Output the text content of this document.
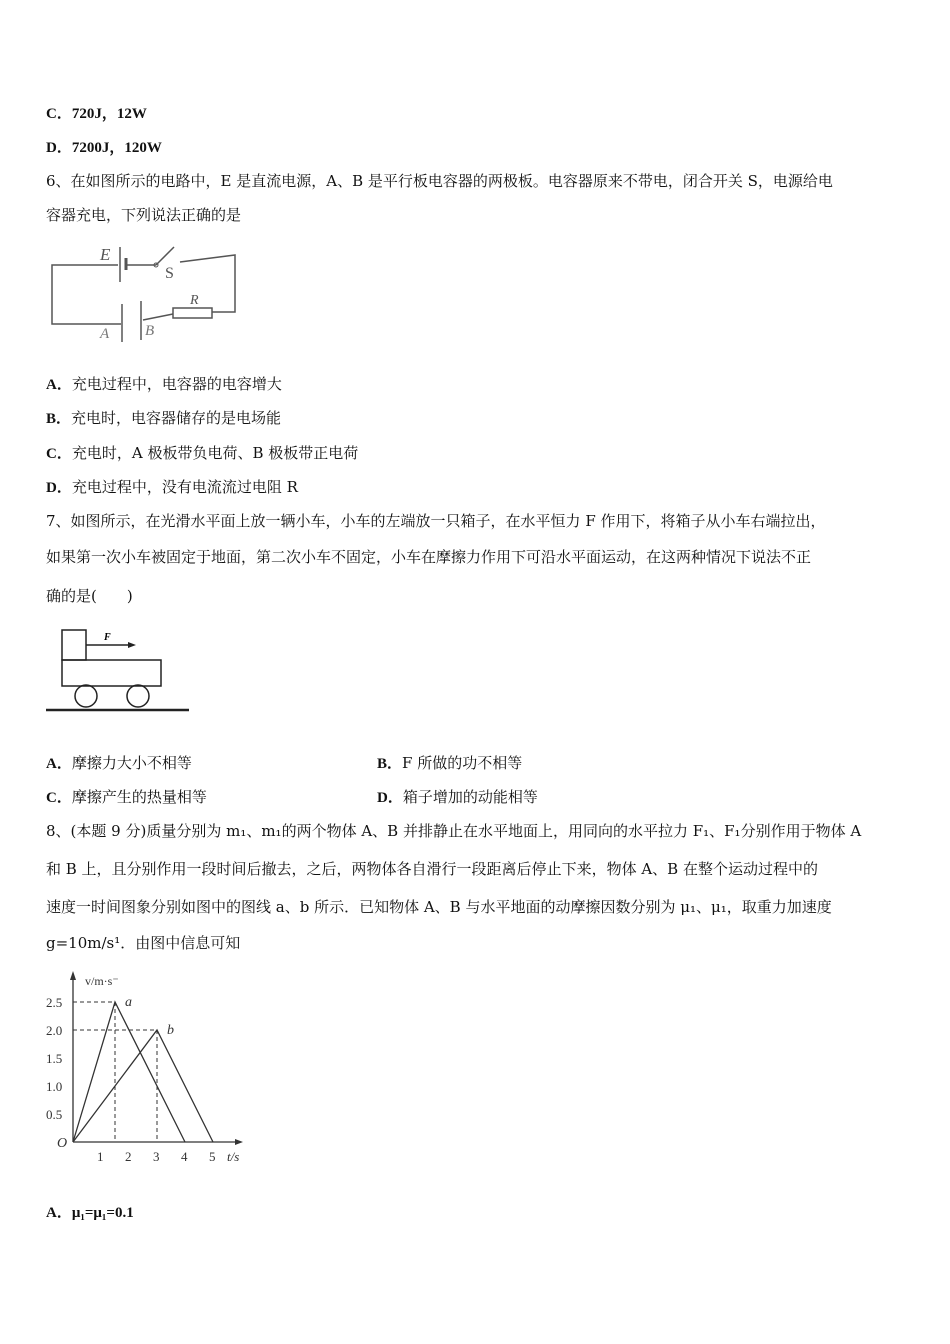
C．720J，12W
D．7200J，120W
6、在如图所示的电路中，E 是直流电源，A、B 是平行板电容器的两极板。电容器原来不带电，闭合开关 S，电源给电
容器充电，下列说法正确的是
E
S
R
A B
A．充电过程中，电容器的电容增大
B．充电时，电容器储存的是电场能
C．充电时，A 极板带负电荷、B 极板带正电荷
D．充电过程中，没有电流流过电阻 R
7、如图所示，在光滑水平面上放一辆小车，小车的左端放一只箱子，在水平恒力 F 作用下，将箱子从小车右端拉出，
如果第一次小车被固定于地面，第二次小车不固定，小车在摩擦力作用下可沿水平面运动，在这两种情况下说法不正
确的是(　　)
F
A．摩擦力大小不相等	B．F 所做的功不相等
C．摩擦产生的热量相等	D．箱子增加的动能相等
8、(本题 9 分)质量分别为 m₁、m₁的两个物体 A、B 并排静止在水平地面上，用同向的水平拉力 F₁、F₁分别作用于物体 A
和 B 上，且分别作用一段时间后撤去，之后，两物体各自滑行一段距离后停止下来，物体 A、B 在整个运动过程中的
速度一时间图象分别如图中的图线 a、b 所示．已知物体 A、B 与水平地面的动摩擦因数分别为 μ₁、μ₁，取重力加速度
g=10m/s¹．由图中信息可知
v/m·s⁻
t/s
O
1 2 3 4 5
0.5
1.0
1.5
2.0
2.5	a
b
A．μ₁=μ₁=0.1
